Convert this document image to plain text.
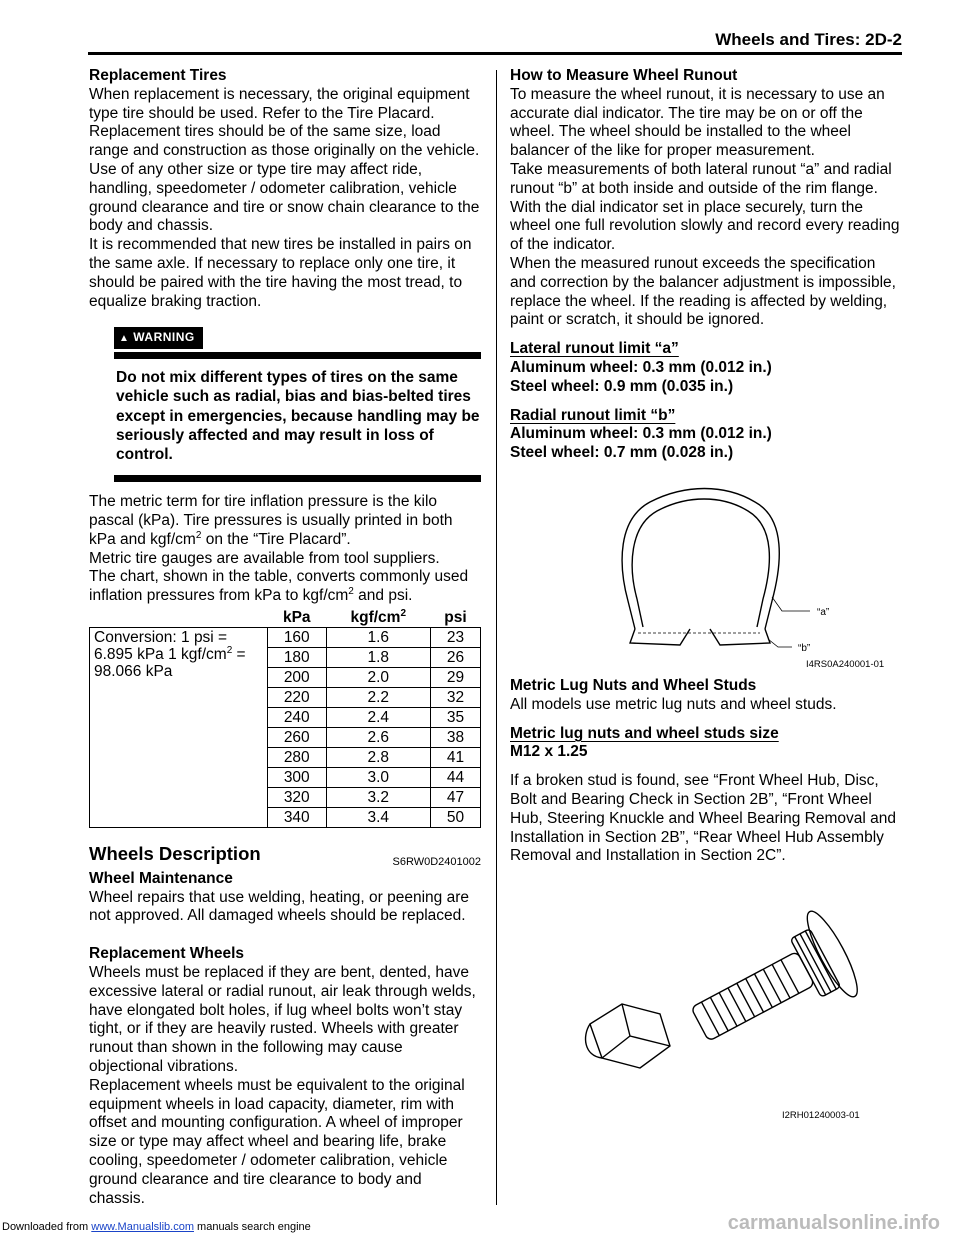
Wheels and Tires: 2D-2

Replacement Tires

When replacement is necessary, the original equipment type tire should be used. Refer to the Tire Placard. Replacement tires should be of the same size, load range and construction as those originally on the vehicle. Use of any other size or type tire may affect ride, handling, speedometer / odometer calibration, vehicle ground clearance and tire or snow chain clearance to the body and chassis.

It is recommended that new tires be installed in pairs on the same axle. If necessary to replace only one tire, it should be paired with the tire having the most tread, to equalize braking traction.

▲ WARNING

Do not mix different types of tires on the same vehicle such as radial, bias and bias-belted tires except in emergencies, because handling may be seriously affected and may result in loss of control.

The metric term for tire inflation pressure is the kilo pascal (kPa). Tire pressures is usually printed in both kPa and kgf/$cm^2$ on the “Tire Placard”.

Metric tire gauges are available from tool suppliers.

The chart, shown in the table, converts commonly used inflation pressures from kPa to kgf/$cm^2$ and psi.

	kPa	kgf/$cm^2$	psi
Conversion: 1 psi = 6.895 kPa 1 kgf/$cm^2 = 98.066$ kPa	160	1.6	23
	180	1.8	26
	200	2.0	29
	220	2.2	32
	240	2.4	35
	260	2.6	38
	280	2.8	41
	300	3.0	44
	320	3.2	47
	340	3.4	50
S6RW0D2401002
Wheels Description

Wheel Maintenance

Wheel repairs that use welding, heating, or peening are not approved. All damaged wheels should be replaced.

Replacement Wheels

Wheels must be replaced if they are bent, dented, have excessive lateral or radial runout, air leak through welds, have elongated bolt holes, if lug wheel bolts won’t stay tight, or if they are heavily rusted. Wheels with greater runout than shown in the following may cause objectional vibrations.

Replacement wheels must be equivalent to the original equipment wheels in load capacity, diameter, rim with offset and mounting configuration. A wheel of improper size or type may affect wheel and bearing life, brake cooling, speedometer / odometer calibration, vehicle ground clearance and tire clearance to body and chassis.

How to Measure Wheel Runout

To measure the wheel runout, it is necessary to use an accurate dial indicator. The tire may be on or off the wheel. The wheel should be installed to the wheel balancer of the like for proper measurement.

Take measurements of both lateral runout “a” and radial runout “b” at both inside and outside of the rim flange. With the dial indicator set in place securely, turn the wheel one full revolution slowly and record every reading of the indicator.

When the measured runout exceeds the specification and correction by the balancer adjustment is impossible, replace the wheel. If the reading is affected by welding, paint or scratch, it should be ignored.

Lateral runout limit “a”

Aluminum wheel: 0.3 mm (0.012 in.)

Steel wheel: 0.9 mm (0.035 in.)

Radial runout limit “b”

Aluminum wheel: 0.3 mm (0.012 in.)

Steel wheel: 0.7 mm (0.028 in.)

“a”
“b”
I4RS0A240001-01

Metric Lug Nuts and Wheel Studs

All models use metric lug nuts and wheel studs.

Metric lug nuts and wheel studs size

M12 x 1.25

If a broken stud is found, see “Front Wheel Hub, Disc, Bolt and Bearing Check in Section 2B”, “Front Wheel Hub, Steering Knuckle and Wheel Bearing Removal and Installation in Section 2B”, “Rear Wheel Hub Assembly Removal and Installation in Section 2C”.

I2RH01240003-01
Downloaded from www.Manualslib.com manuals search engine	carmanualsonline.info
